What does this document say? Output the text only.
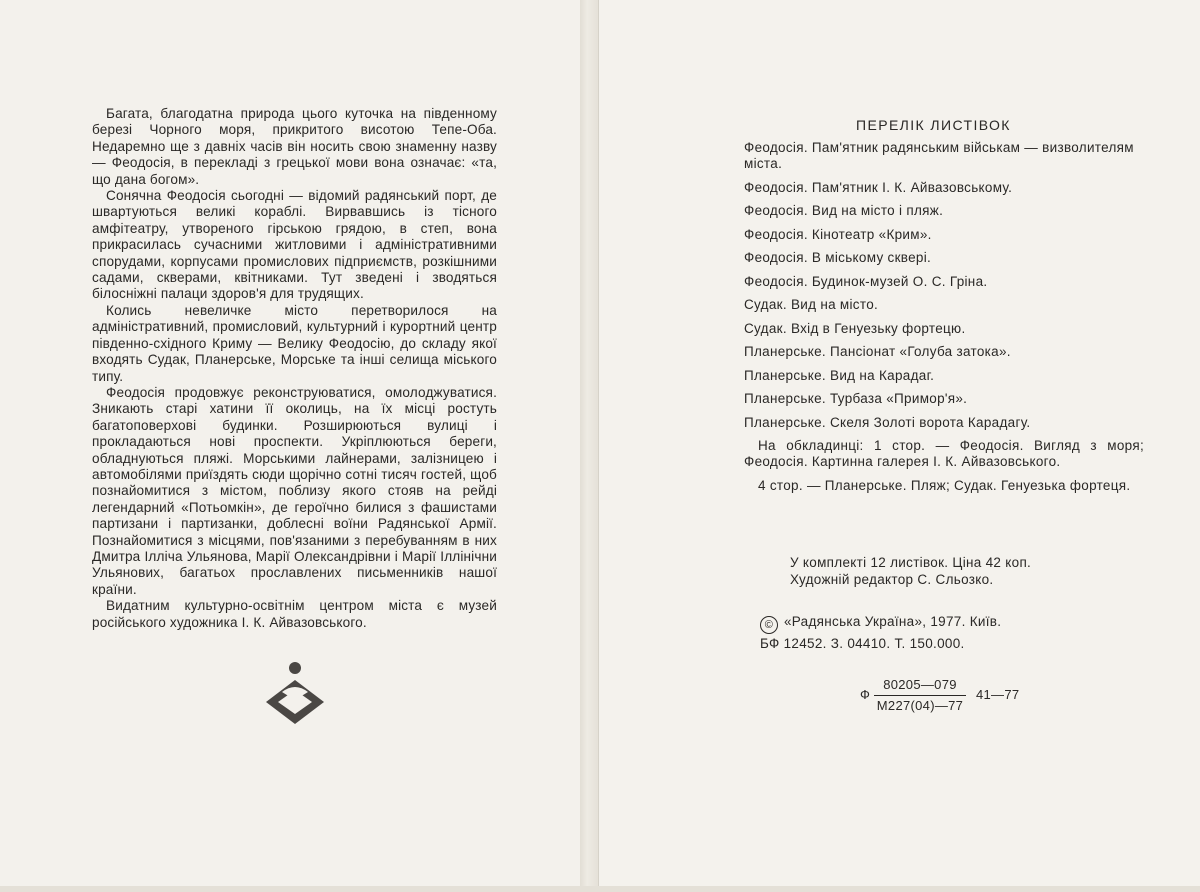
Багата, благодатна природа цього куточка на південному березі Чорного моря, прикритого висотою Тепе-Оба. Недаремно ще з давніх часів він носить свою знаменну назву — Феодосія, в перекладі з грецької мови вона означає: «та, що дана богом».

Сонячна Феодосія сьогодні — відомий радянський порт, де швартуються великі кораблі. Вирвавшись із тісного амфітеатру, утвореного гірською грядою, в степ, вона прикрасилась сучасними житловими і адміністративними спорудами, корпусами промислових підприємств, розкішними садами, скверами, квітниками. Тут зведені і зводяться білосніжні палаци здоров'я для трудящих.

Колись невеличке місто перетворилося на адміністративний, промисловий, культурний і курортний центр південно-східного Криму — Велику Феодосію, до складу якої входять Судак, Планерське, Морське та інші селища міського типу.

Феодосія продовжує реконструюватися, омолоджуватися. Зникають старі хатини її околиць, на їх місці ростуть багатоповерхові будинки. Розширюються вулиці і прокладаються нові проспекти. Укріплюються береги, обладнуються пляжі. Морськими лайнерами, залізницею і автомобілями приїздять сюди щорічно сотні тисяч гостей, щоб познайомитися з містом, поблизу якого стояв на рейді легендарний «Потьомкін», де героїчно билися з фашистами партизани і партизанки, доблесні воїни Радянської Армії. Познайомитися з місцями, пов'язаними з перебуванням в них Дмитра Ілліча Ульянова, Марії Олександрівни і Марії Іллінічни Ульянових, багатьох прославлених письменників нашої країни.

Видатним культурно-освітнім центром міста є музей російського художника І. К. Айвазовського.

ПЕРЕЛІК ЛИСТІВОК
Феодосія. Пам'ятник радянським військам — визволителям міста.
Феодосія. Пам'ятник І. К. Айвазовському.
Феодосія. Вид на місто і пляж.
Феодосія. Кінотеатр «Крим».
Феодосія. В міському сквері.
Феодосія. Будинок-музей О. С. Гріна.
Судак. Вид на місто.
Судак. Вхід в Генуезьку фортецю.
Планерське. Пансіонат «Голуба затока».
Планерське. Вид на Карадаг.
Планерське. Турбаза «Примор'я».
Планерське. Скеля Золоті ворота Карадагу.
На обкладинці: 1 стор. — Феодосія. Вигляд з моря; Феодосія. Картинна галерея І. К. Айвазовського.
4 стор. — Планерське. Пляж; Судак. Генуезька фортеця.
У комплекті 12 листівок. Ціна 42 коп.
Художній редактор С. Сльозко.
© «Радянська Україна», 1977. Київ.
БФ 12452. З. 04410. Т. 150.000.
Ф
80205—079
М227(04)—77
41—77
